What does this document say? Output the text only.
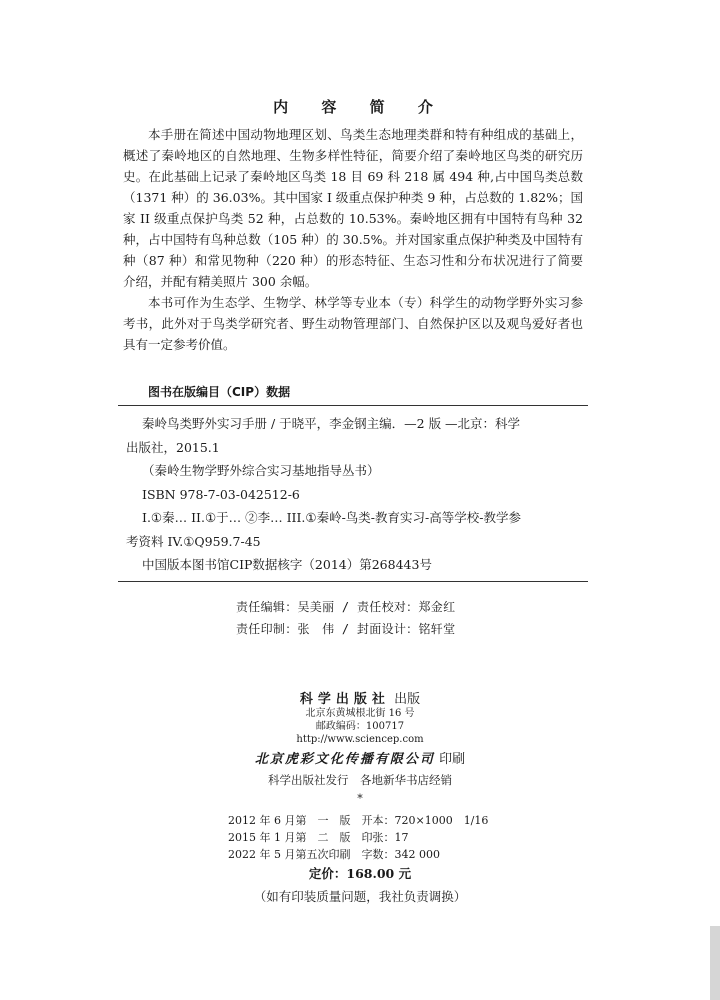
内 容 简 介

本手册在简述中国动物地理区划、鸟类生态地理类群和特有种组成的基础上，概述了秦岭地区的自然地理、生物多样性特征，简要介绍了秦岭地区鸟类的研究历史。在此基础上记录了秦岭地区鸟类 18 目 69 科 218 属 494 种,占中国鸟类总数（1371 种）的 36.03%。其中国家 I 级重点保护种类 9 种，占总数的 1.82%；国家 II 级重点保护鸟类 52 种，占总数的 10.53%。秦岭地区拥有中国特有鸟种 32 种，占中国特有鸟种总数（105 种）的 30.5%。并对国家重点保护种类及中国特有种（87 种）和常见物种（220 种）的形态特征、生态习性和分布状况进行了简要介绍，并配有精美照片 300 余幅。

本书可作为生态学、生物学、林学等专业本（专）科学生的动物学野外实习参考书，此外对于鸟类学研究者、野生动物管理部门、自然保护区以及观鸟爱好者也具有一定参考价值。

图书在版编目（CIP）数据
秦岭鸟类野外实习手册 / 于晓平，李金钢主编．—2 版 —北京：科学
出版社，2015.1
（秦岭生物学野外综合实习基地指导丛书）
ISBN 978-7-03-042512-6
I.①秦… II.①于… ②李… III.①秦岭-鸟类-教育实习-高等学校-教学参
考资料 IV.①Q959.7-45
中国版本图书馆CIP数据核字（2014）第268443号
责任编辑：吴美丽 / 责任校对：郑金红
责任印制：张　伟 / 封面设计：铭轩堂
科学出版社 出版
北京东黄城根北街 16 号
邮政编码：100717
http://www.sciencep.com
北京虎彩文化传播有限公司 印刷
科学出版社发行　各地新华书店经销
*
2012 年 6 月第　一　版　开本：720×1000　1/16
2015 年 1 月第　二　版　印张：17
2022 年 5 月第五次印刷　字数：342 000
定价：168.00 元
（如有印装质量问题，我社负责调换）
